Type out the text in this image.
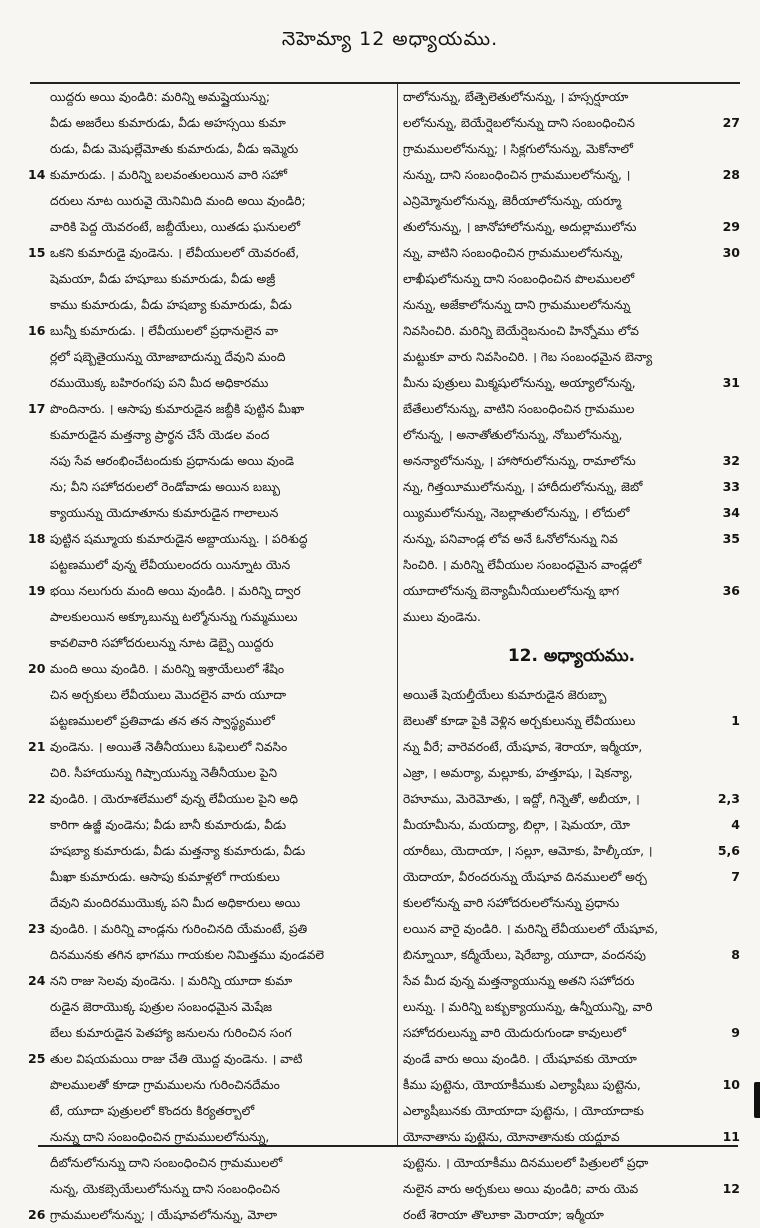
నెహెమ్యా 12 అధ్యాయము.
యిద్దరు అయి వుండిరి: మరిన్ని అమష్షైయున్ను;
వీడు అజరేలు కుమారుడు, వీడు అహస్సయి కుమా
రుడు, వీడు మెషుల్లేమోతు కుమారుడు, వీడు ఇమ్మెరు
కుమారుడు. । మరిన్ని బలవంతులయిన వారి సహో
14
దరులు నూట యిరువై యెనిమిది మంది అయి వుండిరి;
వారికి పెద్ద యెవరంటే, జబ్దీయేలు, యితడు ఘనులలో
ఒకని కుమారుడై వుండెను. । లేవీయులలో యెవరంటే,
15
షెమయా, వీడు హషూబు కుమారుడు, వీడు అజ్రీ
కాము కుమారుడు, వీడు హషబ్యా కుమారుడు, వీడు
బున్నీ కుమారుడు. । లేవీయులలో ప్రధానులైన వా
16
ర్లలో షబ్బెతైయున్ను యోజాబాదున్ను దేవుని మంది
రముయొక్క బహిరంగపు పని మీద అధికారము
పొందినారు. । ఆసాపు కుమారుడైన జబ్దీకి పుట్టిన మీఖా
17
కుమారుడైన మత్తన్యా ప్రార్థన చేసే యెడల వంద
నపు సేవ ఆరంభించేటందుకు ప్రధానుడు అయి వుండె
ను; వీని సహోదరులలో రెండోవాడు అయిన బబ్బు
క్యాయున్ను యెదూతూను కుమారుడైన గాలాలున
పుట్టిన షమ్మూయ కుమారుడైన అబ్దాయున్ను. । పరిశుద్ధ
18
పట్టణములో వున్న లేవీయులందరు యిన్నూట యెన
భయి నలుగురు మంది అయి వుండిరి. । మరిన్ని ద్వార
19
పాలకులయిన అక్కూబున్ను టల్మోనున్ను గుమ్మములు
కావలివారి సహోదరులున్ను నూట డెబ్బై యిద్దరు
మంది అయి వుండిరి. । మరిన్ని ఇశ్రాయేలులో శేషిం
20
చిన అర్చకులు లేవీయులు మొదలైన వారు యూదా
పట్టణములలో ప్రతివాడు తన తన స్వాస్థ్యములో
వుండెను. । అయితే నెతీనీయులు ఓఫెలులో నివసిం
21
చిరి. సీహాయున్ను గిష్పాయున్ను నెతీనీయుల పైని
వుండిరి. । యెరూశలేములో వున్న లేవీయుల పైని అధి
22
కారిగా ఉజ్జీ వుండెను; వీడు బానీ కుమారుడు, వీడు
హషబ్యా కుమారుడు, వీడు మత్తన్యా కుమారుడు, వీడు
మీఖా కుమారుడు. ఆసాపు కుమాళ్లలో గాయకులు
దేవుని మందిరముయొక్క పని మీద అధికారులు అయి
వుండిరి. । మరిన్ని వాండ్లను గురించినది యేమంటే, ప్రతి
23
దినమునకు తగిన భాగము గాయకుల నిమిత్తము వుండవలె
నని రాజు సెలవు వుండెను. । మరిన్ని యూదా కుమా
24
రుడైన జెరాయొక్క పుత్రుల సంబంధమైన మెషేజ
బేలు కుమారుడైన పెతహ్యా జనులను గురించిన సంగ
తుల విషయమయి రాజు చేతి యొద్ద వుండెను. । వాటి
25
పొలములతో కూడా గ్రామములను గురించినదేమం
టే, యూదా పుత్రులలో కొందరు కిర్యతర్బాలో
నున్ను దాని సంబంధించిన గ్రామములలోనున్ను,
దీబోనులోనున్ను దాని సంబంధించిన గ్రామములలో
నున్న, యెకబ్సెయేలులోనున్ను దాని సంబంధించిన
గ్రామములలోనున్ను; । యేషూవలోనున్ను, మోలా
26
దాలోనున్ను, బేత్పెలెతులోనున్ను, । హస్సర్షూయా
లలోనున్ను, బెయేర్షెబలోనున్ను దాని సంబంధించిన	27
గ్రామములలోనున్ను; । సిక్లగులోనున్ను, మెకోనాలో
నున్ను, దాని సంబంధించిన గ్రామములలోనున్న, ।	28
ఎన్రిమ్మోనులోనున్ను, జెరీయాలోనున్ను, యర్మూ
తులోనున్ను, । జానోహాలోనున్ను, అదుల్లాములోను	29
న్ను, వాటిని సంబంధించిన గ్రామములలోనున్ను,	30
లాఖీషులోనున్ను దాని సంబంధించిన పొలములలో
నున్ను, అజేకాలోనున్ను దాని గ్రామములలోనున్ను
నివసించిరి. మరిన్ని బెయేర్షెబనుంచి హిన్నోము లోవ
మట్టుకూ వారు నివసించిరి. । గెబ సంబంధమైన బెన్యా
మీను పుత్రులు మిక్మషులోనున్ను, అయ్యాలోనున్న,	31
బేతేలులోనున్ను, వాటిని సంబంధించిన గ్రామముల
లోనున్న, । అనాతోతులోనున్ను, నోబులోనున్ను,
అనన్యాలోనున్ను, । హాసోరులోనున్ను, రామాలోను	32
న్ను, గిత్తయీములోనున్ను, । హాదీదులోనున్ను, జెబో	33
య్యిములోనున్ను, నెబల్లాతులోనున్ను, । లోదులో	34
నున్ను, పనివాండ్ల లోవ అనే ఓనోలోనున్ను నివ	35
సించిరి. । మరిన్ని లేవీయుల సంబంధమైన వాండ్లలో
యూదాలోనున్న బెన్యామీనీయులలోనున్న భాగ	36
ములు వుండెను.
12. అధ్యాయము.
అయితే షెయల్తీయేలు కుమారుడైన జెరుబ్బా
బెలుతో కూడా పైకి వెళ్లిన అర్చకులున్ను లేవీయులు	1
న్ను వీరే; వారెవరంటే, యేషూవ, శెరాయా, ఇర్మీయా,
ఎజ్రా, । అమర్యా, మల్లూకు, హత్తూషు, । షెకన్యా,
రెహూము, మెరెమోతు, । ఇద్దో, గిన్నెతో, అబీయా, ।	2,3
మీయామీను, మయద్యా, బిల్గా, । షెమయా, యో	4
యారీబు, యెదాయా, । సల్లూ, ఆమోకు, హిల్కీయా, ।	5,6
యెదాయా, వీరందరున్ను యేషూవ దినములలో అర్చ	7
కులలోనున్న వారి సహోదరులలోనున్ను ప్రధాను
లయిన వారై వుండిరి. । మరిన్ని లేవీయులలో యేషూవ,
బిన్నూయీ, కద్మీయేలు, షెరేబ్యా, యూదా, వందనపు	8
సేవ మీద వున్న మత్తన్యాయున్ను అతని సహోదరు
లున్ను. । మరిన్ని బక్బుక్యాయున్ను, ఉన్నీయున్ని, వారి
సహోదరులున్ను వారి యెదురుగుండా కావులులో	9
వుండే వారు అయి వుండిరి. । యేషూవకు యోయా
కీము పుట్టెను, యోయాకీముకు ఎల్యాషీబు పుట్టెను,	10
ఎల్యాషీబునకు యోయాదా పుట్టెను, । యోయాదాకు
యోనాతాను పుట్టెను, యోనాతానుకు యద్దూవ	11
పుట్టెను. । యోయాకీము దినములలో పిత్రులలో ప్రధా
నులైన వారు అర్చకులు అయి వుండిరి; వారు యెవ	12
రంటే శెరాయా తొలూకా మెరాయా; ఇర్మీయా
